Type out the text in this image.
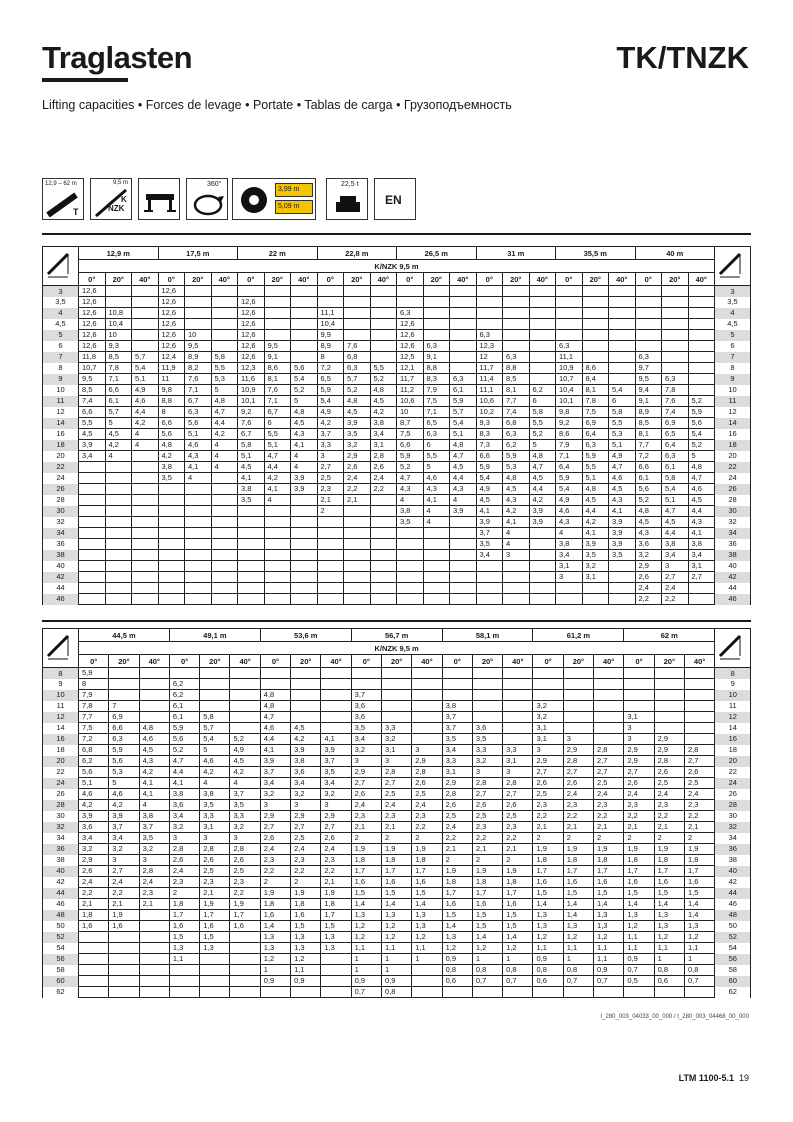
Traglasten	TK/TNZK
Lifting capacities • Forces de levage • Portate • Tablas de carga • Грузоподъемность
12,9 – 62 m
T
9,5 m
K
NZK
360°
3,99 m
5,09 m
22,5 t
EN
	12,9 m			17,5 m			22 m			22,8 m			26,5 m			31 m			35,5 m			40 m	
	K/NZK 9,5 m																								
	0°	20°	40°	0°	20°	40°	0°	20°	40°	0°	20°	40°	0°	20°	40°	0°	20°	40°	0°	20°	40°	0°	20°	40°	
3	12,6			12,6																					3
3,5	12,6			12,6			12,6																		3,5
4	12,6	10,8		12,6			12,6			11,1			6,3												4
4,5	12,6	10,4		12,6			12,6			10,4			12,6												4,5
5	12,6	10		12,6	10		12,6			9,9			12,6			6,3									5
6	12,6	9,3		12,6	9,5		12,6	9,5		8,9	7,6		12,6	6,3		12,3			6,3						6
7	11,8	8,5	5,7	12,4	8,9	5,8	12,6	9,1		8	6,8		12,5	9,1		12	6,3		11,1			6,3			7
8	10,7	7,8	5,4	11,9	8,2	5,5	12,3	8,6	5,6	7,2	6,3	5,5	12,1	8,8		11,7	8,8		10,9	8,6		9,7			8
9	9,5	7,1	5,1	11	7,6	5,3	11,6	8,1	5,4	6,5	5,7	5,2	11,7	8,3	6,3	11,4	8,5		10,7	8,4		9,5	6,3		9
10	8,5	6,6	4,9	9,8	7,1	5	10,9	7,6	5,2	5,9	5,2	4,8	11,2	7,9	6,1	11,1	8,1	6,2	10,4	8,1	5,4	9,4	7,8		10
11	7,4	6,1	4,6	8,8	6,7	4,8	10,1	7,1	5	5,4	4,8	4,5	10,6	7,5	5,9	10,6	7,7	6	10,1	7,8	6	9,1	7,6	5,2	11
12	6,6	5,7	4,4	8	6,3	4,7	9,2	6,7	4,8	4,9	4,5	4,2	10	7,1	5,7	10,2	7,4	5,8	9,8	7,5	5,8	8,9	7,4	5,9	12
14	5,5	5	4,2	6,6	5,6	4,4	7,6	6	4,5	4,2	3,9	3,8	8,7	6,5	5,4	9,3	6,8	5,5	9,2	6,9	5,5	8,5	6,9	5,6	14
16	4,5	4,5	4	5,6	5,1	4,2	6,7	5,5	4,3	3,7	3,5	3,4	7,5	6,3	5,1	8,3	6,3	5,2	8,6	6,4	5,3	8,1	6,5	5,4	16
18	3,9	4,2	4	4,8	4,6	4	5,8	5,1	4,1	3,3	3,2	3,1	6,6	6	4,8	7,3	6,2	5	7,9	6,3	5,1	7,7	6,4	5,2	18
20	3,4	4		4,2	4,3	4	5,1	4,7	4	3	2,9	2,8	5,9	5,5	4,7	6,6	5,9	4,8	7,1	5,9	4,9	7,2	6,3	5	20
22				3,8	4,1	4	4,5	4,4	4	2,7	2,6	2,6	5,2	5	4,5	5,9	5,3	4,7	6,4	5,5	4,7	6,6	6,1	4,8	22
24				3,5	4		4,1	4,2	3,9	2,5	2,4	2,4	4,7	4,6	4,4	5,4	4,8	4,5	5,9	5,1	4,6	6,1	5,8	4,7	24
26							3,8	4,1	3,9	2,3	2,2	2,2	4,3	4,3	4,3	4,9	4,5	4,4	5,4	4,8	4,5	5,6	5,4	4,6	26
28							3,5	4		2,1	2,1		4	4,1	4	4,5	4,3	4,2	4,9	4,5	4,3	5,2	5,1	4,5	28
30										2			3,8	4	3,9	4,1	4,2	3,9	4,6	4,4	4,1	4,8	4,7	4,4	30
32													3,5	4		3,9	4,1	3,9	4,3	4,2	3,9	4,5	4,5	4,3	32
34																3,7	4		4	4,1	3,9	4,3	4,4	4,1	34
36																3,5	4		3,8	3,9	3,9	3,6	3,8	3,8	36
38																3,4	3		3,4	3,5	3,5	3,2	3,4	3,4	38
40																			3,1	3,2		2,9	3	3,1	40
42																			3	3,1		2,6	2,7	2,7	42
44																						2,4	2,4		44
46																						2,2	2,2		46
	44,5 m			49,1 m			53,6 m			56,7 m			58,1 m			61,2 m			62 m	
	K/NZK 9,5 m																					
	0°	20°	40°	0°	20°	40°	0°	20°	40°	0°	20°	40°	0°	20°	40°	0°	20°	40°	0°	20°	40°	
8	5,9																					8
9	8			6,2																		9
10	7,9			6,2			4,8			3,7												10
11	7,8	7		6,1			4,8			3,6			3,8			3,2						11
12	7,7	6,9		6,1	5,8		4,7			3,6			3,7			3,2			3,1			12
14	7,5	6,6	4,8	5,9	5,7		4,6	4,5		3,5	3,3		3,7	3,6		3,1			3			14
16	7,2	6,3	4,6	5,6	5,4	5,2	4,4	4,2	4,1	3,4	3,2		3,5	3,5		3,1	3		3	2,9		16
18	6,8	5,9	4,5	5,2	5	4,9	4,1	3,9	3,9	3,2	3,1	3	3,4	3,3	3,3	3	2,9	2,8	2,9	2,9	2,8	18
20	6,2	5,6	4,3	4,7	4,6	4,5	3,9	3,8	3,7	3	3	2,9	3,3	3,2	3,1	2,9	2,8	2,7	2,9	2,8	2,7	20
22	5,6	5,3	4,2	4,4	4,2	4,2	3,7	3,6	3,5	2,9	2,8	2,8	3,1	3	3	2,7	2,7	2,7	2,7	2,6	2,6	22
24	5,1	5	4,1	4,1	4	4	3,4	3,4	3,4	2,7	2,7	2,6	2,9	2,8	2,8	2,6	2,6	2,5	2,6	2,5	2,5	24
26	4,6	4,6	4,1	3,8	3,8	3,7	3,2	3,2	3,2	2,6	2,5	2,5	2,8	2,7	2,7	2,5	2,4	2,4	2,4	2,4	2,4	26
28	4,2	4,2	4	3,6	3,5	3,5	3	3	3	2,4	2,4	2,4	2,6	2,6	2,6	2,3	2,3	2,3	2,3	2,3	2,3	28
30	3,9	3,9	3,8	3,4	3,3	3,3	2,9	2,9	2,9	2,3	2,3	2,3	2,5	2,5	2,5	2,2	2,2	2,2	2,2	2,2	2,2	30
32	3,6	3,7	3,7	3,2	3,1	3,2	2,7	2,7	2,7	2,1	2,1	2,2	2,4	2,3	2,3	2,1	2,1	2,1	2,1	2,1	2,1	32
34	3,4	3,4	3,5	3	3	3	2,6	2,5	2,6	2	2	2	2,2	2,2	2,2	2	2	2	2	2	2	34
36	3,2	3,2	3,2	2,8	2,8	2,8	2,4	2,4	2,4	1,9	1,9	1,9	2,1	2,1	2,1	1,9	1,9	1,9	1,9	1,9	1,9	36
38	2,9	3	3	2,6	2,6	2,6	2,3	2,3	2,3	1,8	1,8	1,8	2	2	2	1,8	1,8	1,8	1,8	1,8	1,8	38
40	2,6	2,7	2,8	2,4	2,5	2,5	2,2	2,2	2,2	1,7	1,7	1,7	1,9	1,9	1,9	1,7	1,7	1,7	1,7	1,7	1,7	40
42	2,4	2,4	2,4	2,3	2,3	2,3	2	2	2,1	1,6	1,6	1,6	1,8	1,8	1,8	1,6	1,6	1,6	1,6	1,6	1,6	42
44	2,2	2,2	2,3	2	2,1	2,2	1,9	1,9	1,9	1,5	1,5	1,5	1,7	1,7	1,7	1,5	1,5	1,5	1,5	1,5	1,5	44
46	2,1	2,1	2,1	1,8	1,9	1,9	1,8	1,8	1,8	1,4	1,4	1,4	1,6	1,6	1,6	1,4	1,4	1,4	1,4	1,4	1,4	46
48	1,8	1,9		1,7	1,7	1,7	1,6	1,6	1,7	1,3	1,3	1,3	1,5	1,5	1,5	1,3	1,4	1,3	1,3	1,3	1,4	48
50	1,6	1,6		1,6	1,6	1,6	1,4	1,5	1,5	1,2	1,2	1,3	1,4	1,5	1,5	1,3	1,3	1,3	1,2	1,3	1,3	50
52				1,5	1,5		1,3	1,3	1,3	1,2	1,2	1,2	1,3	1,4	1,4	1,2	1,2	1,2	1,1	1,2	1,2	52
54				1,3	1,3		1,3	1,3	1,3	1,1	1,1	1,1	1,2	1,2	1,2	1,1	1,1	1,1	1,1	1,1	1,1	54
56				1,1			1,2	1,2		1	1	1	0,9	1	1	0,9	1	1,1	0,9	1	1	56
58							1	1,1		1	1		0,8	0,8	0,8	0,8	0,8	0,9	0,7	0,8	0,8	58
60							0,9	0,9		0,9	0,9		0,6	0,7	0,7	0,6	0,7	0,7	0,5	0,6	0,7	60
62										0,7	0,8											62
t_280_003_04033_00_000 / t_280_003_04468_00_000
LTM 1100-5.1 19
